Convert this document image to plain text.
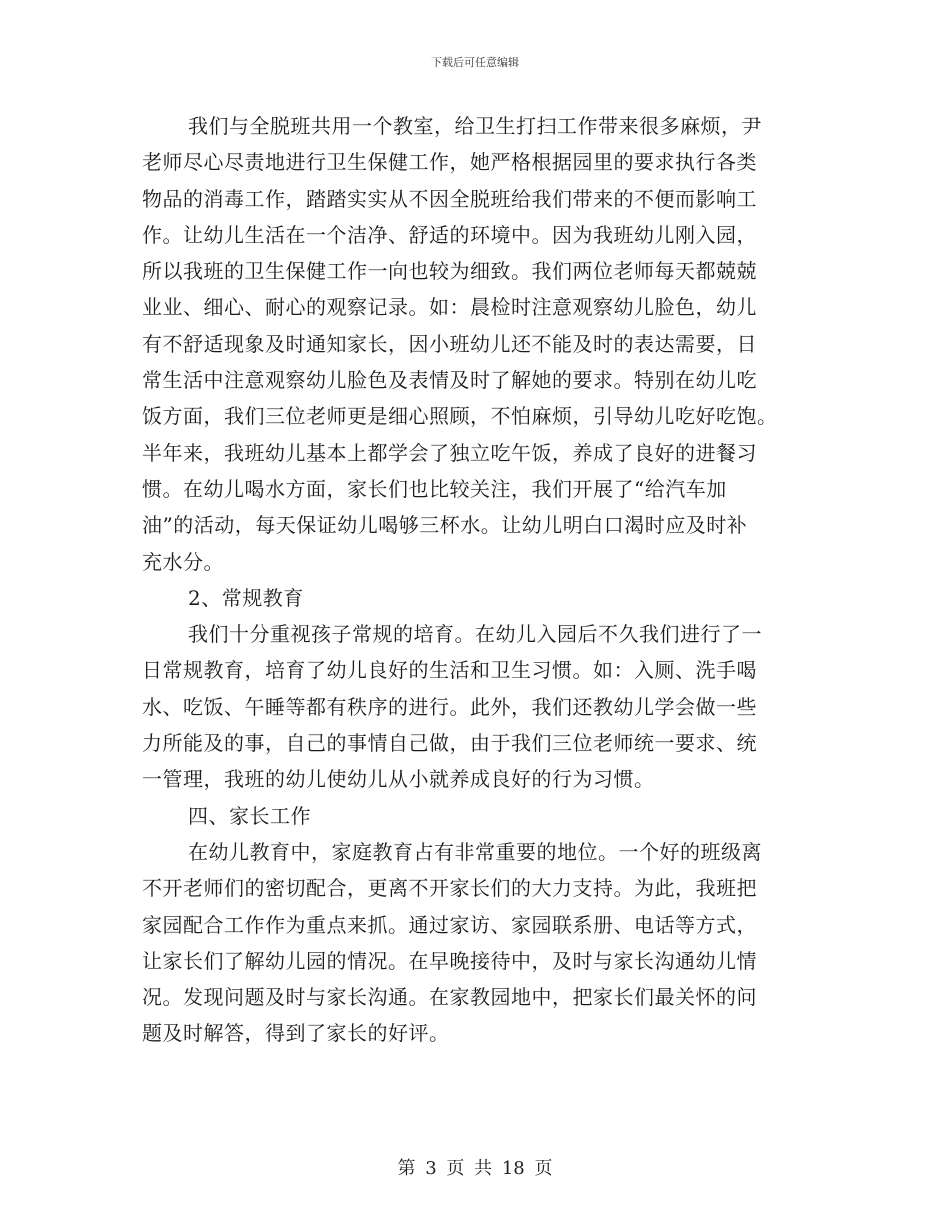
下载后可任意编辑
我们与全脱班共用一个教室，给卫生打扫工作带来很多麻烦，尹
老师尽心尽责地进行卫生保健工作，她严格根据园里的要求执行各类
物品的消毒工作，踏踏实实从不因全脱班给我们带来的不便而影响工
作。让幼儿生活在一个洁净、舒适的环境中。因为我班幼儿刚入园，
所以我班的卫生保健工作一向也较为细致。我们两位老师每天都兢兢
业业、细心、耐心的观察记录。如：晨检时注意观察幼儿脸色，幼儿
有不舒适现象及时通知家长，因小班幼儿还不能及时的表达需要，日
常生活中注意观察幼儿脸色及表情及时了解她的要求。特别在幼儿吃
饭方面，我们三位老师更是细心照顾，不怕麻烦，引导幼儿吃好吃饱。
半年来，我班幼儿基本上都学会了独立吃午饭，养成了良好的进餐习
惯。在幼儿喝水方面，家长们也比较关注，我们开展了“给汽车加
油”的活动，每天保证幼儿喝够三杯水。让幼儿明白口渴时应及时补
充水分。
2、常规教育
我们十分重视孩子常规的培育。在幼儿入园后不久我们进行了一
日常规教育，培育了幼儿良好的生活和卫生习惯。如：入厕、洗手喝
水、吃饭、午睡等都有秩序的进行。此外，我们还教幼儿学会做一些
力所能及的事，自己的事情自己做，由于我们三位老师统一要求、统
一管理，我班的幼儿使幼儿从小就养成良好的行为习惯。
四、家长工作
在幼儿教育中，家庭教育占有非常重要的地位。一个好的班级离
不开老师们的密切配合，更离不开家长们的大力支持。为此，我班把
家园配合工作作为重点来抓。通过家访、家园联系册、电话等方式，
让家长们了解幼儿园的情况。在早晚接待中，及时与家长沟通幼儿情
况。发现问题及时与家长沟通。在家教园地中，把家长们最关怀的问
题及时解答，得到了家长的好评。
第 3 页 共 18 页
